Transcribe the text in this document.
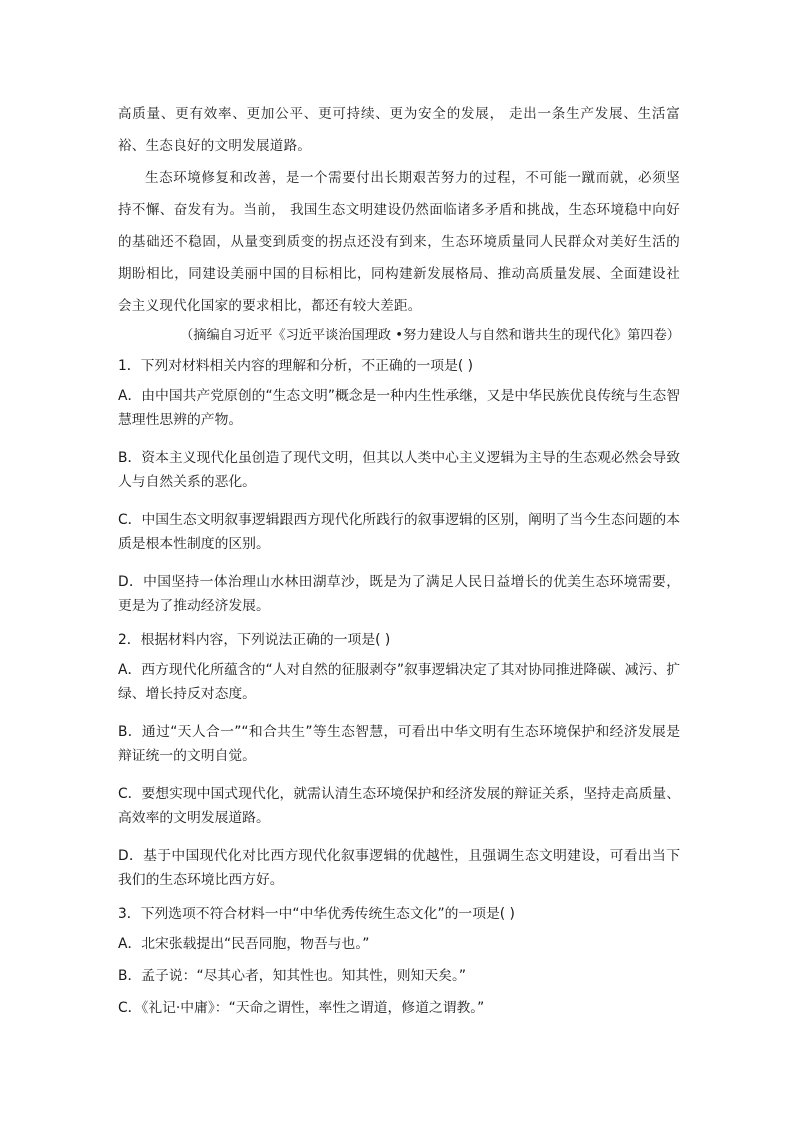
高质量、更有效率、更加公平、更可持续、更为安全的发展， 走出一条生产发展、生活富裕、生态良好的文明发展道路。

生态环境修复和改善，是一个需要付出长期艰苦努力的过程，不可能一蹴而就，必须坚持不懈、奋发有为。当前， 我国生态文明建设仍然面临诸多矛盾和挑战，生态环境稳中向好的基础还不稳固，从量变到质变的拐点还没有到来，生态环境质量同人民群众对美好生活的期盼相比，同建设美丽中国的目标相比，同构建新发展格局、推动高质量发展、全面建设社会主义现代化国家的要求相比，都还有较大差距。

（摘编自习近平《习近平谈治国理政 •努力建设人与自然和谐共生的现代化》第四卷）

1．下列对材料相关内容的理解和分析，不正确的一项是( )
A．由中国共产党原创的“生态文明”概念是一种内生性承继，又是中华民族优良传统与生态智慧理性思辨的产物。
B．资本主义现代化虽创造了现代文明，但其以人类中心主义逻辑为主导的生态观必然会导致人与自然关系的恶化。
C．中国生态文明叙事逻辑跟西方现代化所践行的叙事逻辑的区别，阐明了当今生态问题的本质是根本性制度的区别。
D．中国坚持一体治理山水林田湖草沙，既是为了满足人民日益增长的优美生态环境需要，更是为了推动经济发展。
2．根据材料内容，下列说法正确的一项是( )
A．西方现代化所蕴含的“人对自然的征服剥夺”叙事逻辑决定了其对协同推进降碳、减污、扩绿、增长持反对态度。
B．通过“天人合一”“和合共生”等生态智慧，可看出中华文明有生态环境保护和经济发展是辩证统一的文明自觉。
C．要想实现中国式现代化，就需认清生态环境保护和经济发展的辩证关系，坚持走高质量、高效率的文明发展道路。
D．基于中国现代化对比西方现代化叙事逻辑的优越性，且强调生态文明建设，可看出当下我们的生态环境比西方好。
3．下列选项不符合材料一中“中华优秀传统生态文化”的一项是( )
A．北宋张载提出“民吾同胞，物吾与也。”
B．孟子说：“尽其心者，知其性也。知其性，则知天矣。”
C．《礼记·中庸》：“天命之谓性，率性之谓道，修道之谓教。”
